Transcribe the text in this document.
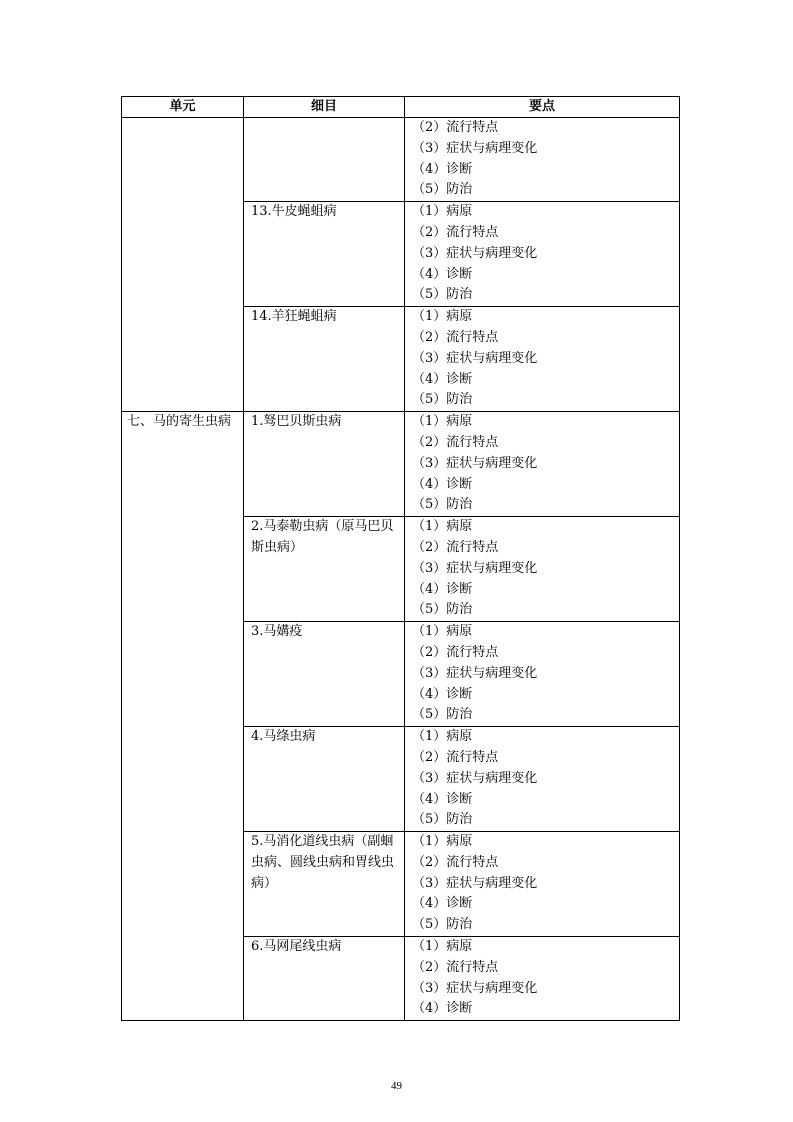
单元	细目	要点

		（2）流行特点
（3）症状与病理变化
（4）诊断
（5）防治

	13.牛皮蝇蛆病	（1）病原
（2）流行特点
（3）症状与病理变化
（4）诊断
（5）防治

	14.羊狂蝇蛆病	（1）病原
（2）流行特点
（3）症状与病理变化
（4）诊断
（5）防治

七、马的寄生虫病	1.驽巴贝斯虫病	（1）病原
（2）流行特点
（3）症状与病理变化
（4）诊断
（5）防治

	2.马泰勒虫病（原马巴贝斯虫病）	（1）病原
（2）流行特点
（3）症状与病理变化
（4）诊断
（5）防治

	3.马媾疫	（1）病原
（2）流行特点
（3）症状与病理变化
（4）诊断
（5）防治

	4.马绦虫病	（1）病原
（2）流行特点
（3）症状与病理变化
（4）诊断
（5）防治

	5.马消化道线虫病（副蛔虫病、圆线虫病和胃线虫病）	（1）病原
（2）流行特点
（3）症状与病理变化
（4）诊断
（5）防治

	6.马网尾线虫病	（1）病原
（2）流行特点
（3）症状与病理变化
（4）诊断
49
